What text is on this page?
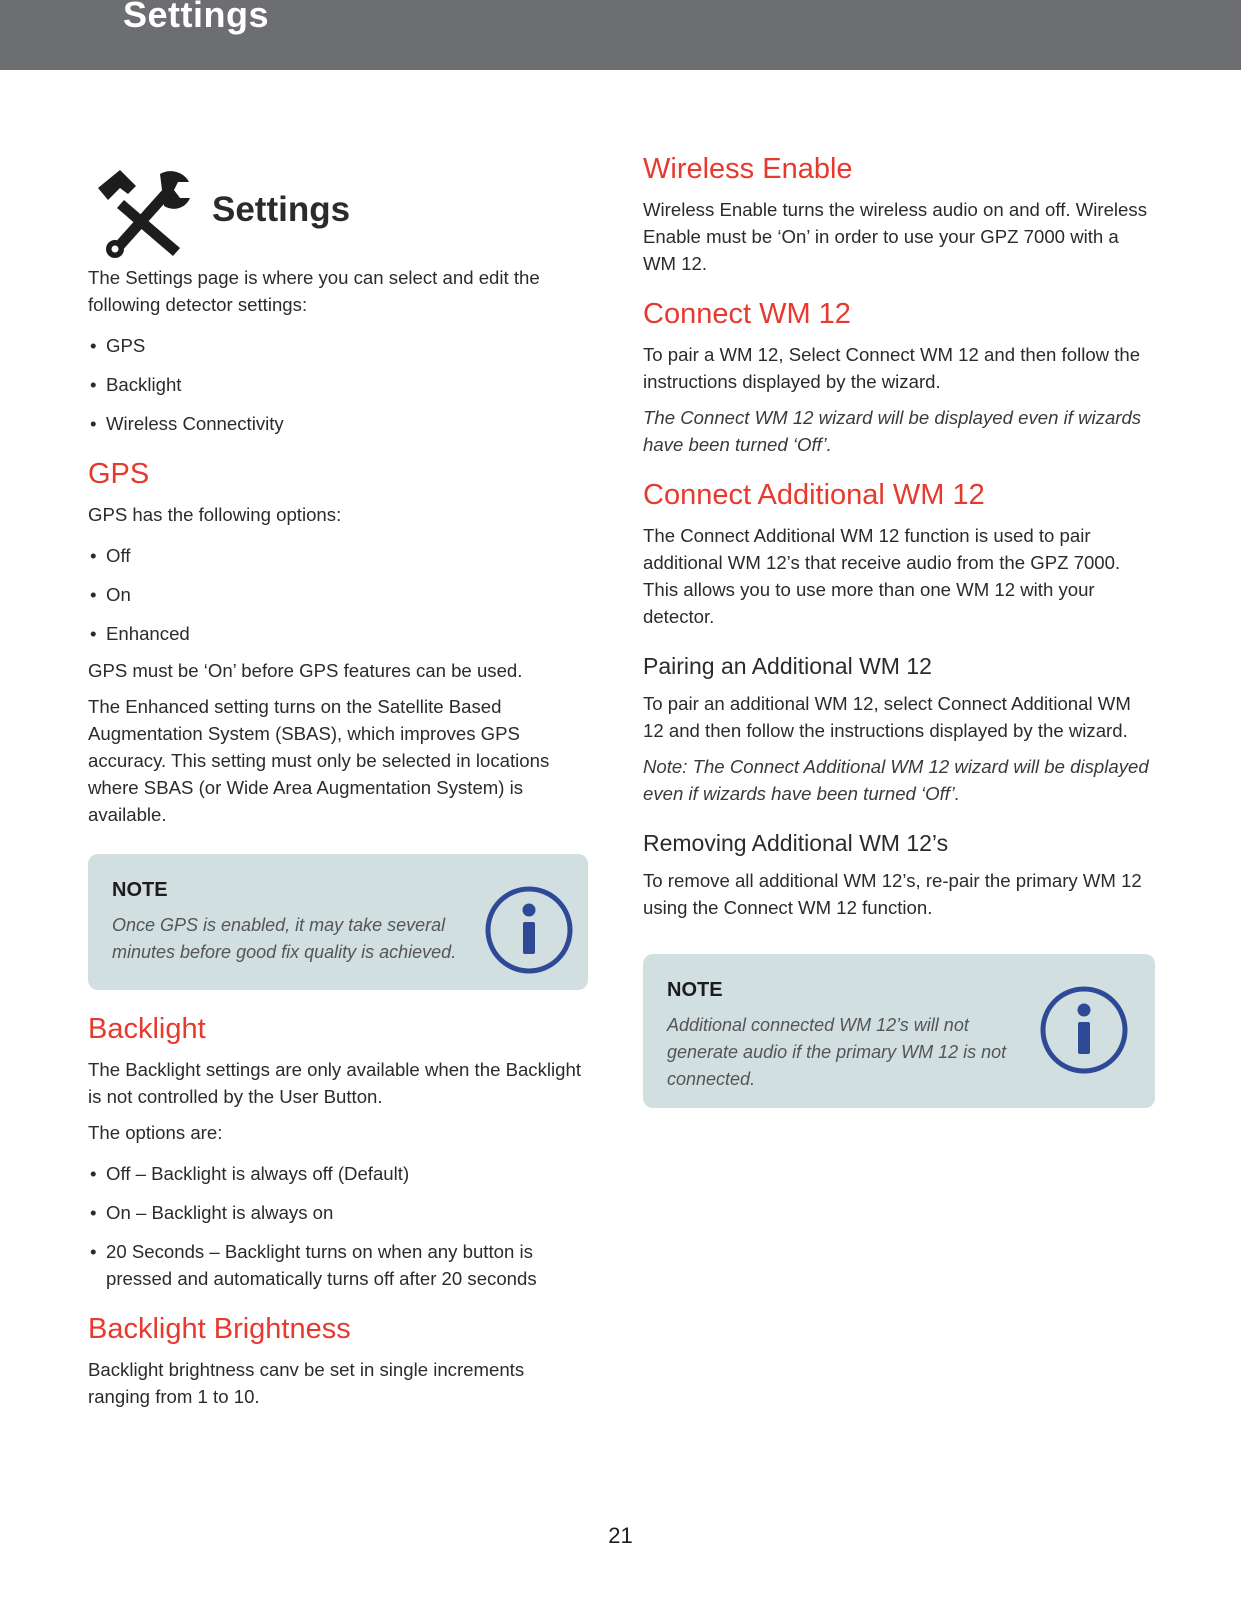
Settings
Settings

The Settings page is where you can select and edit the following detector settings:

• GPS
• Backlight
• Wireless Connectivity
GPS

GPS has the following options:

• Off
• On
• Enhanced

GPS must be ‘On’ before GPS features can be used.

The Enhanced setting turns on the Satellite Based Augmentation System (SBAS), which improves GPS accuracy. This setting must only be selected in locations where SBAS (or Wide Area Augmentation System) is available.

NOTE
Once GPS is enabled, it may take several minutes before good fix quality is achieved.
Backlight

The Backlight settings are only available when the Backlight is not controlled by the User Button.

The options are:

• Off – Backlight is always off (Default)
• On – Backlight is always on
• 20 Seconds – Backlight turns on when any button is pressed and automatically turns off after 20 seconds
Backlight Brightness

Backlight brightness canv be set in single increments ranging from 1 to 10.

Wireless Enable

Wireless Enable turns the wireless audio on and off. Wireless Enable must be ‘On’ in order to use your GPZ 7000 with a WM 12.

Connect WM 12

To pair a WM 12, Select Connect WM 12 and then follow the instructions displayed by the wizard.

The Connect WM 12 wizard will be displayed even if wizards have been turned ‘Off’.

Connect Additional WM 12

The Connect Additional WM 12 function is used to pair additional WM 12’s that receive audio from the GPZ 7000. This allows you to use more than one WM 12 with your detector.

Pairing an Additional WM 12

To pair an additional WM 12, select Connect Additional WM 12 and then follow the instructions displayed by the wizard.

Note: The Connect Additional WM 12 wizard will be displayed even if wizards have been turned ‘Off’.

Removing Additional WM 12’s

To remove all additional WM 12’s, re-pair the primary WM 12 using the Connect WM 12 function.

NOTE
Additional connected WM 12’s will not generate audio if the primary WM 12 is not connected.
21
